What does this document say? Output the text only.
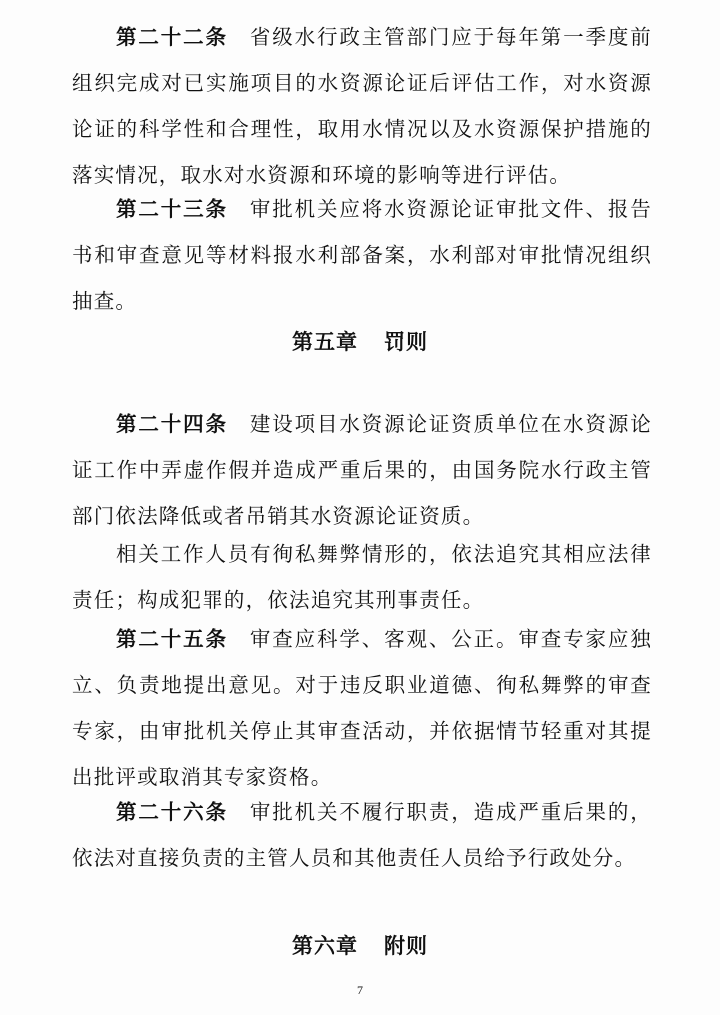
第二十二条 省级水行政主管部门应于每年第一季度前组织完成对已实施项目的水资源论证后评估工作，对水资源论证的科学性和合理性，取用水情况以及水资源保护措施的落实情况，取水对水资源和环境的影响等进行评估。

第二十三条 审批机关应将水资源论证审批文件、报告书和审查意见等材料报水利部备案，水利部对审批情况组织抽查。

第五章 罚则

第二十四条 建设项目水资源论证资质单位在水资源论证工作中弄虚作假并造成严重后果的，由国务院水行政主管部门依法降低或者吊销其水资源论证资质。

相关工作人员有徇私舞弊情形的，依法追究其相应法律责任；构成犯罪的，依法追究其刑事责任。

第二十五条 审查应科学、客观、公正。审查专家应独立、负责地提出意见。对于违反职业道德、徇私舞弊的审查专家，由审批机关停止其审查活动，并依据情节轻重对其提出批评或取消其专家资格。

第二十六条 审批机关不履行职责，造成严重后果的，依法对直接负责的主管人员和其他责任人员给予行政处分。

第六章 附则
7
